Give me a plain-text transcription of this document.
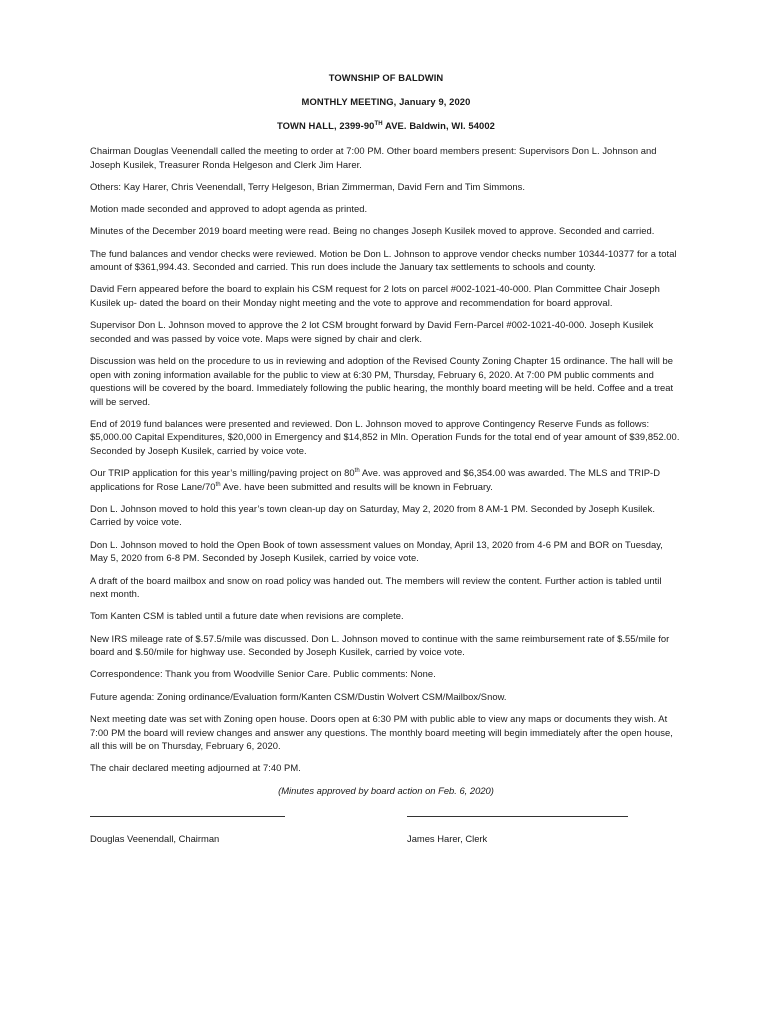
TOWNSHIP OF BALDWIN
MONTHLY MEETING, January 9, 2020
TOWN HALL, 2399-90TH AVE. Baldwin, WI. 54002

Chairman Douglas Veenendall called the meeting to order at 7:00 PM. Other board members present: Supervisors Don L. Johnson and Joseph Kusilek, Treasurer Ronda Helgeson and Clerk Jim Harer.

Others: Kay Harer, Chris Veenendall, Terry Helgeson, Brian Zimmerman, David Fern and Tim Simmons.

Motion made seconded and approved to adopt agenda as printed.

Minutes of the December 2019 board meeting were read. Being no changes Joseph Kusilek moved to approve. Seconded and carried.

The fund balances and vendor checks were reviewed. Motion be Don L. Johnson to approve vendor checks number 10344-10377 for a total amount of $361,994.43. Seconded and carried. This run does include the January tax settlements to schools and county.

David Fern appeared before the board to explain his CSM request for 2 lots on parcel #002-1021-40-000. Plan Committee Chair Joseph Kusilek up- dated the board on their Monday night meeting and the vote to approve and recommendation for board approval.

Supervisor Don L. Johnson moved to approve the 2 lot CSM brought forward by David Fern-Parcel #002-1021-40-000. Joseph Kusilek seconded and was passed by voice vote. Maps were signed by chair and clerk.

Discussion was held on the procedure to us in reviewing and adoption of the Revised County Zoning Chapter 15 ordinance. The hall will be open with zoning information available for the public to view at 6:30 PM, Thursday, February 6, 2020. At 7:00 PM public comments and questions will be covered by the board. Immediately following the public hearing, the monthly board meeting will be held. Coffee and a treat will be served.

End of 2019 fund balances were presented and reviewed. Don L. Johnson moved to approve Contingency Reserve Funds as follows: $5,000.00 Capital Expenditures, $20,000 in Emergency and $14,852 in Mln. Operation Funds for the total end of year amount of $39,852.00. Seconded by Joseph Kusilek, carried by voice vote.

Our TRIP application for this year’s milling/paving project on 80th Ave. was approved and $6,354.00 was awarded. The MLS and TRIP-D applications for Rose Lane/70th Ave. have been submitted and results will be known in February.

Don L. Johnson moved to hold this year’s town clean-up day on Saturday, May 2, 2020 from 8 AM-1 PM. Seconded by Joseph Kusilek. Carried by voice vote.

Don L. Johnson moved to hold the Open Book of town assessment values on Monday, April 13, 2020 from 4-6 PM and BOR on Tuesday, May 5, 2020 from 6-8 PM. Seconded by Joseph Kusilek, carried by voice vote.

A draft of the board mailbox and snow on road policy was handed out. The members will review the content. Further action is tabled until next month.

Tom Kanten CSM is tabled until a future date when revisions are complete.

New IRS mileage rate of $.57.5/mile was discussed. Don L. Johnson moved to continue with the same reimbursement rate of $.55/mile for board and $.50/mile for highway use. Seconded by Joseph Kusilek, carried by voice vote.

Correspondence: Thank you from Woodville Senior Care. Public comments: None.

Future agenda: Zoning ordinance/Evaluation form/Kanten CSM/Dustin Wolvert CSM/Mailbox/Snow.

Next meeting date was set with Zoning open house. Doors open at 6:30 PM with public able to view any maps or documents they wish. At 7:00 PM the board will review changes and answer any questions. The monthly board meeting will begin immediately after the open house, all this will be on Thursday, February 6, 2020.

The chair declared meeting adjourned at 7:40 PM.

(Minutes approved by board action on Feb. 6, 2020)
Douglas Veenendall, Chairman	James Harer, Clerk
